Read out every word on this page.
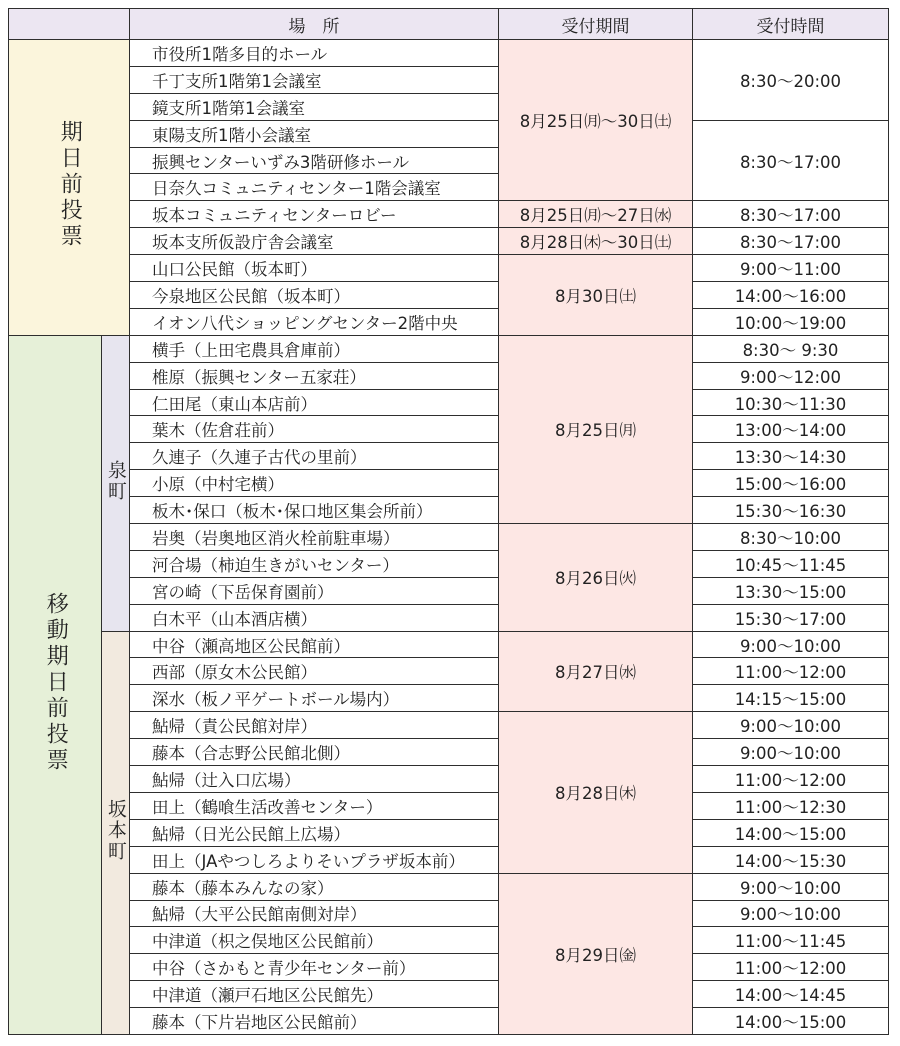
		場　所	受付期間	受付時間
期日前投票		市役所1階多目的ホール	8月25日㈪～30日㈯	8:30～20:00
		千丁支所1階第1会議室		
		鏡支所1階第1会議室		
		東陽支所1階小会議室		8:30～17:00
		振興センターいずみ3階研修ホール		
		日奈久コミュニティセンター1階会議室		
		坂本コミュニティセンターロビー	8月25日㈪～27日㈬	8:30～17:00
		坂本支所仮設庁舎会議室	8月28日㈭～30日㈯	8:30～17:00
		山口公民館（坂本町）	8月30日㈯	9:00～11:00
		今泉地区公民館（坂本町）		14:00～16:00
		イオン八代ショッピングセンター2階中央		10:00～19:00
移動期日前投票	泉町	横手（上田宅農具倉庫前）	8月25日㈪	8:30～ 9:30
		椎原（振興センター五家荘）		9:00～12:00
		仁田尾（東山本店前）		10:30～11:30
		葉木（佐倉荘前）		13:00～14:00
		久連子（久連子古代の里前）		13:30～14:30
		小原（中村宅横）		15:00～16:00
		板木･保口（板木･保口地区集会所前）		15:30～16:30
		岩奥（岩奥地区消火栓前駐車場）	8月26日㈫	8:30～10:00
		河合場（柿迫生きがいセンター）		10:45～11:45
		宮の崎（下岳保育園前）		13:30～15:00
		白木平（山本酒店横）		15:30～17:00
	坂本町	中谷（瀬高地区公民館前）	8月27日㈬	9:00～10:00
		西部（原女木公民館）		11:00～12:00
		深水（板ノ平ゲートボール場内）		14:15～15:00
		鮎帰（責公民館対岸）	8月28日㈭	9:00～10:00
		藤本（合志野公民館北側）		9:00～10:00
		鮎帰（辻入口広場）		11:00～12:00
		田上（鶴喰生活改善センター）		11:00～12:30
		鮎帰（日光公民館上広場）		14:00～15:00
		田上（JAやつしろよりそいプラザ坂本前）		14:00～15:30
		藤本（藤本みんなの家）	8月29日㈮	9:00～10:00
		鮎帰（大平公民館南側対岸）		9:00～10:00
		中津道（枳之俣地区公民館前）		11:00～11:45
		中谷（さかもと青少年センター前）		11:00～12:00
		中津道（瀬戸石地区公民館先）		14:00～14:45
		藤本（下片岩地区公民館前）		14:00～15:00
